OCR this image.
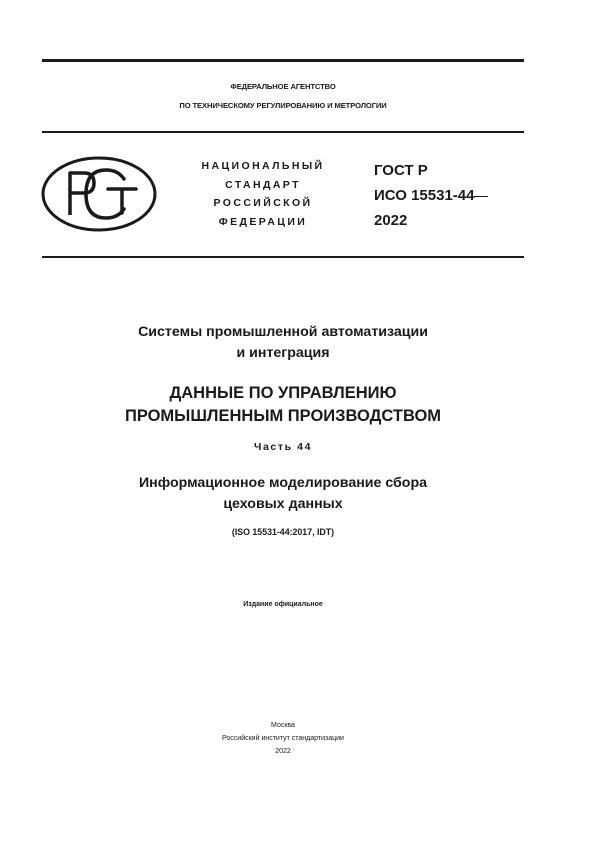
ФЕДЕРАЛЬНОЕ АГЕНТСТВО
ПО ТЕХНИЧЕСКОМУ РЕГУЛИРОВАНИЮ И МЕТРОЛОГИИ
НАЦИОНАЛЬНЫЙ
СТАНДАРТ
РОССИЙСКОЙ
ФЕДЕРАЦИИ
ГОСТ Р
ИСО 15531-44
2022
Системы промышленной автоматизации
и интеграция
ДАННЫЕ ПО УПРАВЛЕНИЮ
ПРОМЫШЛЕННЫМ ПРОИЗВОДСТВОМ
Часть 44
Информационное моделирование сбора
цеховых данных
(ISO 15531-44:2017, IDT)
Издание официальное
Москва
Российский институт стандартизации
2022
